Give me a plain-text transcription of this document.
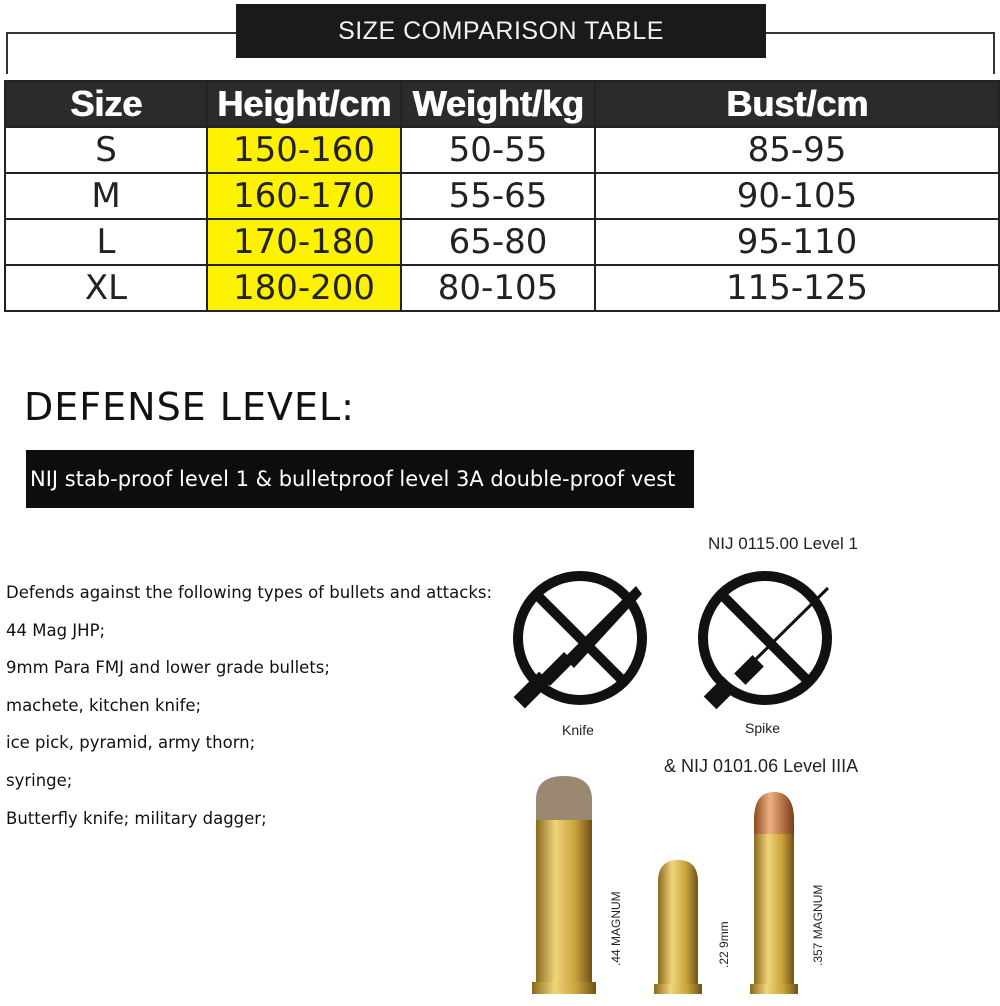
SIZE COMPARISON TABLE
Size	Height/cm	Weight/kg	Bust/cm
S	150-160	50-55	85-95
M	160-170	55-65	90-105
L	170-180	65-80	95-110
XL	180-200	80-105	115-125
DEFENSE LEVEL:
NIJ stab-proof level 1 & bulletproof level 3A double-proof vest
Defends against the following types of bullets and attacks:
44 Mag JHP;
9mm Para FMJ and lower grade bullets;
machete, kitchen knife;
ice pick, pyramid, army thorn;
syringe;
Butterfly knife; military dagger;
NIJ 0115.00 Level 1
Knife	Spike
& NIJ 0101.06 Level IIIA
.44 MAGNUM	.22 9mm	.357 MAGNUM
